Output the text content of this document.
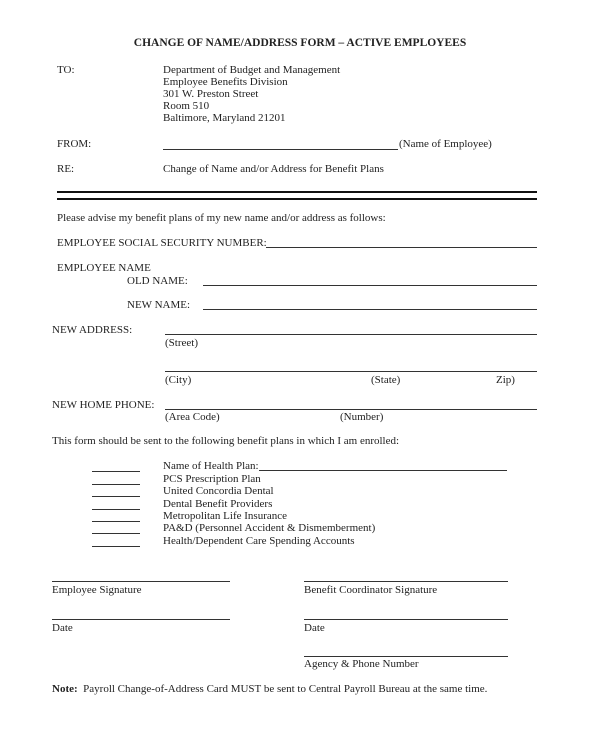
CHANGE OF NAME/ADDRESS FORM – ACTIVE EMPLOYEES
TO:	Department of Budget and Management
Employee Benefits Division
301 W. Preston Street
Room 510
Baltimore, Maryland 21201
FROM:	(Name of Employee)
RE:	Change of Name and/or Address for Benefit Plans
Please advise my benefit plans of my new name and/or address as follows:
EMPLOYEE SOCIAL SECURITY NUMBER:
EMPLOYEE NAME
OLD NAME:
NEW NAME:
NEW ADDRESS:
(Street)
(City)	(State)	Zip)
NEW HOME PHONE:
(Area Code)	(Number)
This form should be sent to the following benefit plans in which I am enrolled:
Name of Health Plan:
PCS Prescription Plan
United Concordia Dental
Dental Benefit Providers
Metropolitan Life Insurance
PA&D (Personnel Accident & Dismemberment)
Health/Dependent Care Spending Accounts
Employee Signature	Benefit Coordinator Signature
Date	Date
Agency & Phone Number
Note: Payroll Change-of-Address Card MUST be sent to Central Payroll Bureau at the same time.
